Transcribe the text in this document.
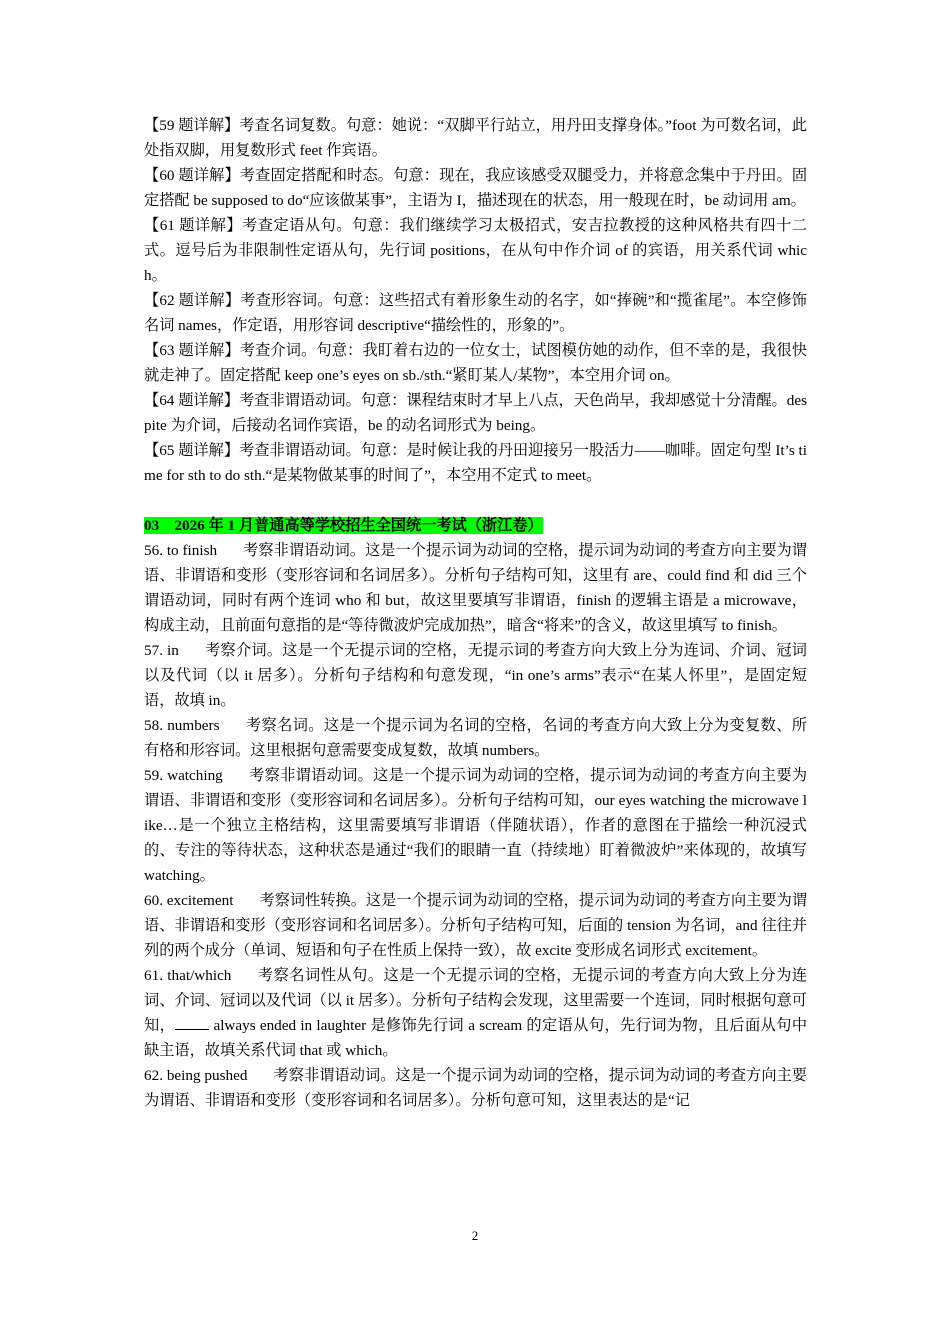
【59 题详解】考查名词复数。句意：她说：“双脚平行站立，用丹田支撑身体。”foot 为可数名词，此处指双脚，用复数形式 feet 作宾语。

【60 题详解】考查固定搭配和时态。句意：现在，我应该感受双腿受力，并将意念集中于丹田。固定搭配 be supposed to do“应该做某事”，主语为 I，描述现在的状态，用一般现在时，be 动词用 am。

【61 题详解】考查定语从句。句意：我们继续学习太极招式，安吉拉教授的这种风格共有四十二式。逗号后为非限制性定语从句，先行词 positions，在从句中作介词 of 的宾语，用关系代词 which。

【62 题详解】考查形容词。句意：这些招式有着形象生动的名字，如“捧碗”和“揽雀尾”。本空修饰名词 names，作定语，用形容词 descriptive“描绘性的，形象的”。

【63 题详解】考查介词。句意：我盯着右边的一位女士，试图模仿她的动作，但不幸的是，我很快就走神了。固定搭配 keep one’s eyes on sb./sth.“紧盯某人/某物”，本空用介词 on。

【64 题详解】考查非谓语动词。句意：课程结束时才早上八点，天色尚早，我却感觉十分清醒。despite 为介词，后接动名词作宾语，be 的动名词形式为 being。

【65 题详解】考查非谓语动词。句意：是时候让我的丹田迎接另一股活力——咖啡。固定句型 It’s time for sth to do sth.“是某物做某事的时间了”，本空用不定式 to meet。

03　2026 年 1 月普通高等学校招生全国统一考试（浙江卷）

56. to finish 考察非谓语动词。这是一个提示词为动词的空格，提示词为动词的考查方向主要为谓语、非谓语和变形（变形容词和名词居多）。分析句子结构可知，这里有 are、could find 和 did 三个谓语动词，同时有两个连词 who 和 but，故这里要填写非谓语，finish 的逻辑主语是 a microwave，构成主动，且前面句意指的是“等待微波炉完成加热”，暗含“将来”的含义，故这里填写 to finish。

57. in 考察介词。这是一个无提示词的空格，无提示词的考查方向大致上分为连词、介词、冠词以及代词（以 it 居多）。分析句子结构和句意发现，“in one’s arms”表示“在某人怀里”，是固定短语，故填 in。

58. numbers 考察名词。这是一个提示词为名词的空格，名词的考查方向大致上分为变复数、所有格和形容词。这里根据句意需要变成复数，故填 numbers。

59. watching 考察非谓语动词。这是一个提示词为动词的空格，提示词为动词的考查方向主要为谓语、非谓语和变形（变形容词和名词居多）。分析句子结构可知，our eyes watching the microwave like…是一个独立主格结构，这里需要填写非谓语（伴随状语），作者的意图在于描绘一种沉浸式的、专注的等待状态，这种状态是通过“我们的眼睛一直（持续地）盯着微波炉”来体现的，故填写 watching。

60. excitement 考察词性转换。这是一个提示词为动词的空格，提示词为动词的考查方向主要为谓语、非谓语和变形（变形容词和名词居多）。分析句子结构可知，后面的 tension 为名词，and 往往并列的两个成分（单词、短语和句子在性质上保持一致），故 excite 变形成名词形式 excitement。

61. that/which 考察名词性从句。这是一个无提示词的空格，无提示词的考查方向大致上分为连词、介词、冠词以及代词（以 it 居多）。分析句子结构会发现，这里需要一个连词，同时根据句意可知， always ended in laughter 是修饰先行词 a scream 的定语从句，先行词为物，且后面从句中缺主语，故填关系代词 that 或 which。

62. being pushed 考察非谓语动词。这是一个提示词为动词的空格，提示词为动词的考查方向主要为谓语、非谓语和变形（变形容词和名词居多）。分析句意可知，这里表达的是“记

2
